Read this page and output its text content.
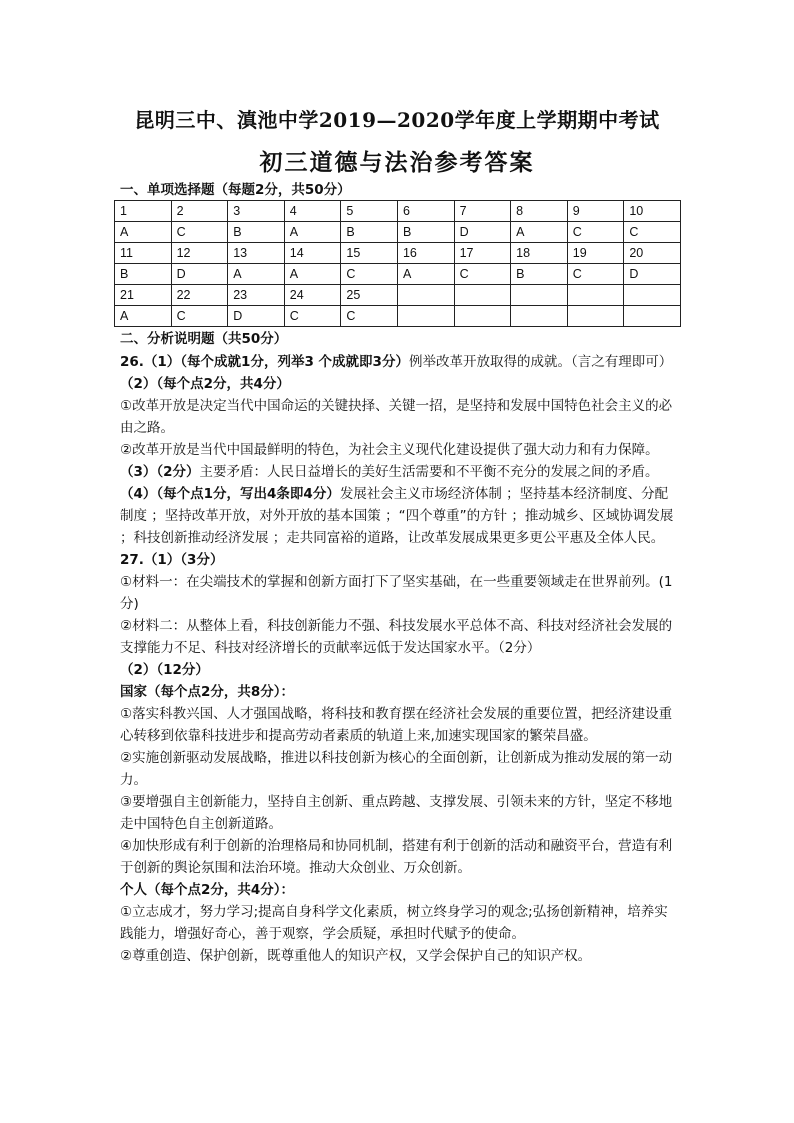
昆明三中、滇池中学2019—2020学年度上学期期中考试
初三道德与法治参考答案
一、单项选择题（每题2分，共50分）
1	2	3	4	5	6	7	8	9	10
A	C	B	A	B	B	D	A	C	C
11	12	13	14	15	16	17	18	19	20
B	D	A	A	C	A	C	B	C	D
21	22	23	24	25					
A	C	D	C	C					
二、分析说明题（共50分）

26.（1）（每个成就1分，列举3 个成就即3分）例举改革开放取得的成就。（言之有理即可）

（2）（每个点2分，共4分）

①改革开放是决定当代中国命运的关键抉择、关键一招，是坚持和发展中国特色社会主义的必由之路。

②改革开放是当代中国最鲜明的特色，为社会主义现代化建设提供了强大动力和有力保障。

（3）（2分）主要矛盾：人民日益增长的美好生活需要和不平衡不充分的发展之间的矛盾。

（4）（每个点1分，写出4条即4分）发展社会主义市场经济体制 ；坚持基本经济制度、分配制度 ；坚持改革开放，对外开放的基本国策 ；“四个尊重”的方针 ；推动城乡、区域协调发展 ；科技创新推动经济发展 ；走共同富裕的道路，让改革发展成果更多更公平惠及全体人民。

27.（1）（3分）

①材料一：在尖端技术的掌握和创新方面打下了坚实基础，在一些重要领域走在世界前列。(1分)

②材料二：从整体上看，科技创新能力不强、科技发展水平总体不高、科技对经济社会发展的支撑能力不足、科技对经济增长的贡献率远低于发达国家水平。（2分）

（2）（12分）

国家（每个点2分，共8分）：

①落实科教兴国、人才强国战略，将科技和教育摆在经济社会发展的重要位置，把经济建设重心转移到依靠科技进步和提高劳动者素质的轨道上来,加速实现国家的繁荣昌盛。

②实施创新驱动发展战略，推进以科技创新为核心的全面创新，让创新成为推动发展的第一动力。

③要增强自主创新能力，坚持自主创新、重点跨越、支撑发展、引领未来的方针，坚定不移地走中国特色自主创新道路。

④加快形成有利于创新的治理格局和协同机制，搭建有利于创新的活动和融资平台，营造有利于创新的舆论氛围和法治环境。推动大众创业、万众创新。

个人（每个点2分，共4分）：

①立志成才，努力学习;提高自身科学文化素质，树立终身学习的观念;弘扬创新精神，培养实践能力，增强好奇心，善于观察，学会质疑，承担时代赋予的使命。

②尊重创造、保护创新，既尊重他人的知识产权，又学会保护自己的知识产权。
